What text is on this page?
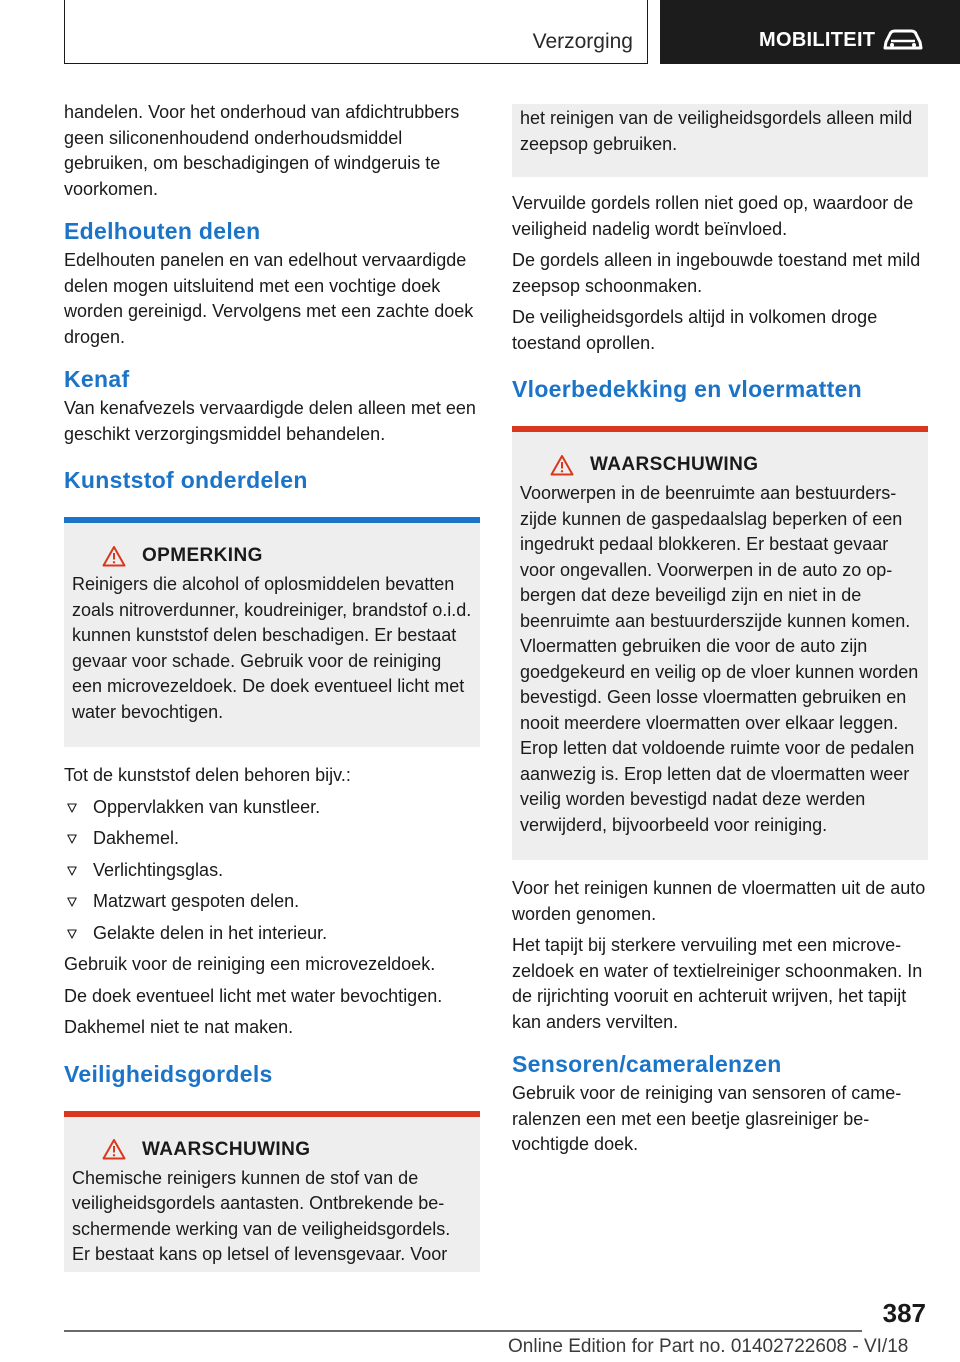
Verzorging	MOBILITEIT

handelen. Voor het onderhoud van afdichtrubbers geen siliconenhoudend onderhoudsmiddel gebruiken, om beschadigingen of windgeruis te voorkomen.

Edelhouten delen

Edelhouten panelen en van edelhout vervaardigde delen mogen uitsluitend met een vochtige doek worden gereinigd. Vervolgens met een zachte doek drogen.

Kenaf

Van kenafvezels vervaardigde delen alleen met een geschikt verzorgingsmiddel behandelen.

Kunststof onderdelen
OPMERKING

Reinigers die alcohol of oplosmiddelen bevatten zoals nitroverdunner, koudreiniger, brandstof o.i.d. kunnen kunststof delen beschadigen. Er bestaat gevaar voor schade. Gebruik voor de reiniging een microvezeldoek. De doek eventueel licht met water bevochtigen.

Tot de kunststof delen behoren bijv.:

Oppervlakken van kunstleer.
Dakhemel.
Verlichtingsglas.
Matzwart gespoten delen.
Gelakte delen in het interieur.

Gebruik voor de reiniging een microvezeldoek.

De doek eventueel licht met water bevochtigen.

Dakhemel niet te nat maken.

Veiligheidsgordels
WAARSCHUWING

Chemische reinigers kunnen de stof van de veiligheidsgordels aantasten. Ontbrekende beschermende werking van de veiligheidsgordels. Er bestaat kans op letsel of levensgevaar. Voor

het reinigen van de veiligheidsgordels alleen mild zeepsop gebruiken.

Vervuilde gordels rollen niet goed op, waardoor de veiligheid nadelig wordt beïnvloed.

De gordels alleen in ingebouwde toestand met mild zeepsop schoonmaken.

De veiligheidsgordels altijd in volkomen droge toestand oprollen.

Vloerbedekking en vloermatten
WAARSCHUWING

Voorwerpen in de beenruimte aan bestuurderszijde kunnen de gaspedaalslag beperken of een ingedrukt pedaal blokkeren. Er bestaat gevaar voor ongevallen. Voorwerpen in de auto zo opbergen dat deze beveiligd zijn en niet in de beenruimte aan bestuurderszijde kunnen komen. Vloermatten gebruiken die voor de auto zijn goedgekeurd en veilig op de vloer kunnen worden bevestigd. Geen losse vloermatten gebruiken en nooit meerdere vloermatten over elkaar leggen. Erop letten dat voldoende ruimte voor de pedalen aanwezig is. Erop letten dat de vloermatten weer veilig worden bevestigd nadat deze werden verwijderd, bijvoorbeeld voor reiniging.

Voor het reinigen kunnen de vloermatten uit de auto worden genomen.

Het tapijt bij sterkere vervuiling met een microvezeldoek en water of textielreiniger schoonmaken. In de rijrichting vooruit en achteruit wrijven, het tapijt kan anders vervilten.

Sensoren/cameralenzen

Gebruik voor de reiniging van sensoren of cameralenzen een met een beetje glasreiniger bevochtigde doek.

387
Online Edition for Part no. 01402722608 - VI/18
